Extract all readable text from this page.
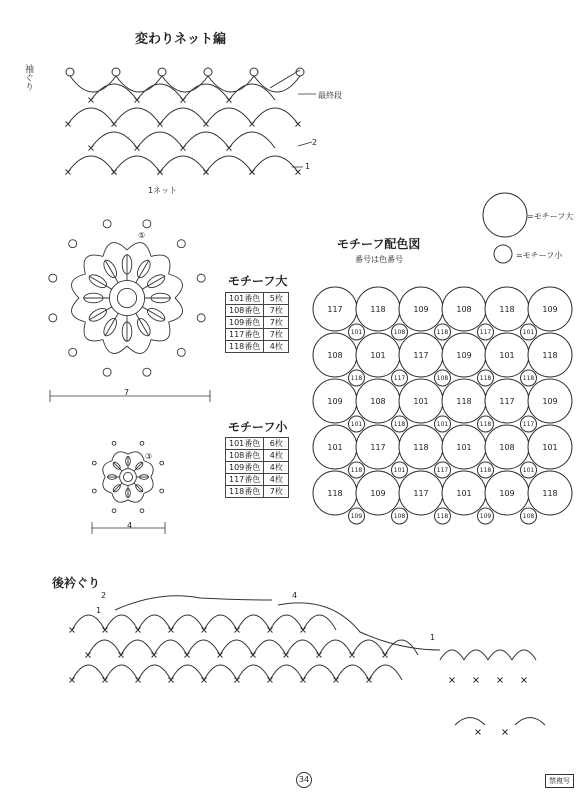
変わりネット編
袖ぐり
最終段
2
1
1ネット
モチーフ大
101番色	5枚
108番色	7枚
109番色	7枚
117番色	7枚
118番色	4枚
7
⑤
モチーフ小
101番色	6枚
108番色	4枚
109番色	4枚
117番色	4枚
118番色	7枚
4
③
=モチーフ大
=モチーフ小
モチーフ配色図
番号は色番号
後衿ぐり
2
1
4
1
34	禁複写
117	118	109	108	118	109
108	101	117	109	101	118
109	108	101	118	117	109
101	117	118	101	108	101
118	109	117	101	109	118
101	108	118	117	101
118	117	108	118	118
101	118	101	118	117
118	101	117	118	101
109	108	118	109	108
